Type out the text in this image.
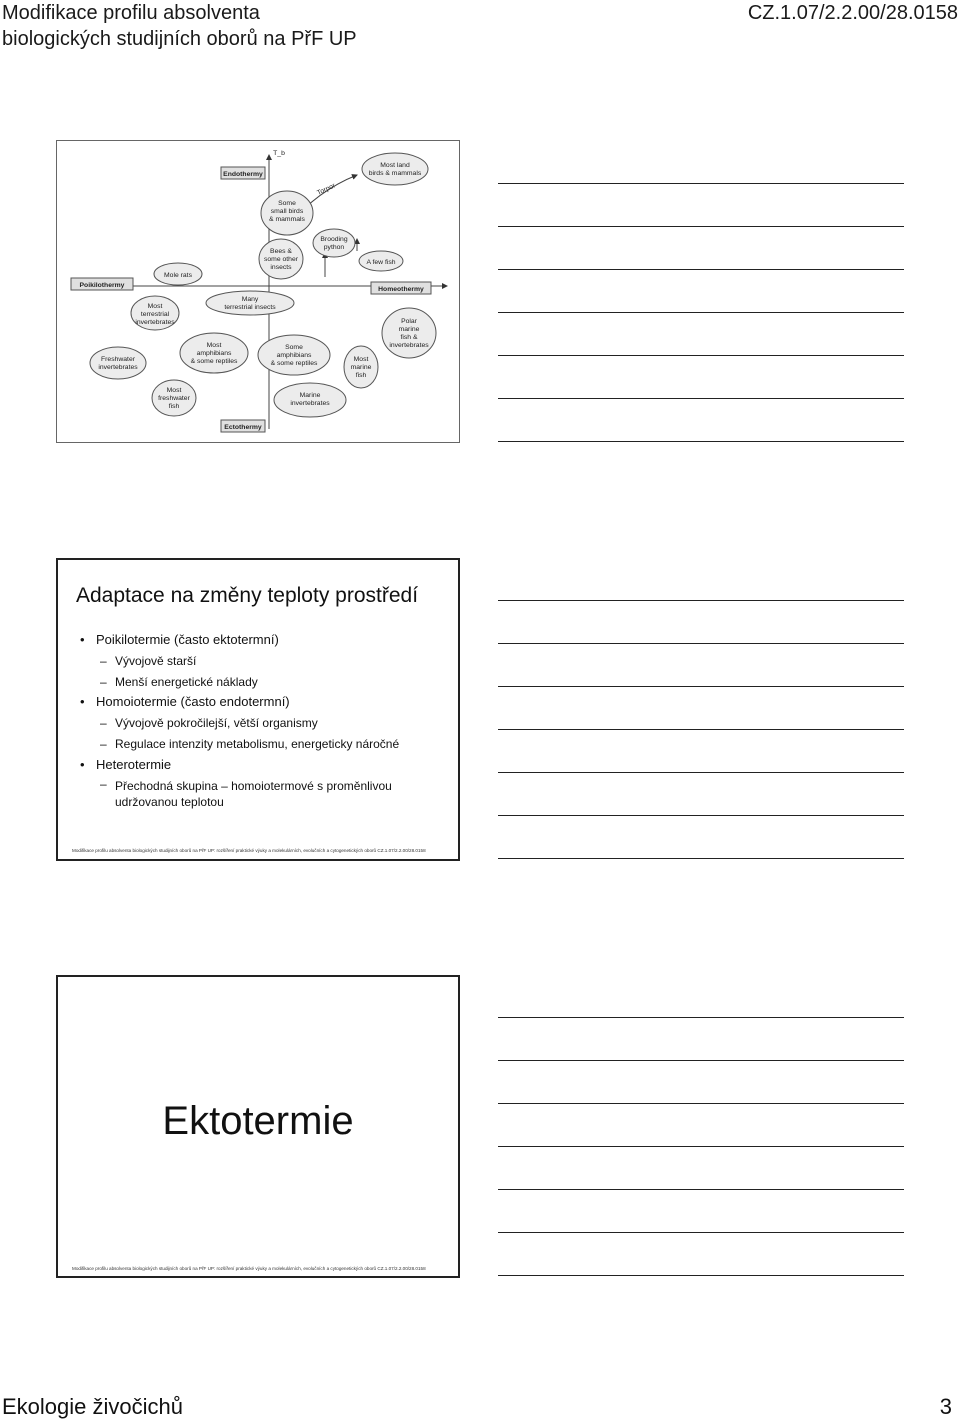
Modifikace profilu absolventa
biologických studijních oborů na PřF UP
CZ.1.07/2.2.00/28.0158
T_b
Endothermy
Ectothermy
Poikilothermy
Homeothermy
Torpor
Most land
birds & mammals
Some
small birds
& mammals
Bees &
some other
insects
Brooding
python
A few fish
Mole rats
Most
terrestrial
invertebrates
Many
terrestrial insects
Polar
marine
fish &
invertebrates
Freshwater
invertebrates
Most
amphibians
& some reptiles
Some
amphibians
& some reptiles
Most
marine
fish
Most
freshwater
fish
Marine
invertebrates
Adaptace na změny teploty prostředí
• Poikilotermie (často ektotermní)
– Vývojově starší
– Menší energetické náklady
• Homoiotermie (často endotermní)
– Vývojově pokročilejší, větší organismy
– Regulace intenzity metabolismu, energeticky náročné
• Heterotermie
– Přechodná skupina – homoiotermové s proměnlivou udržovanou teplotou
Modifikace profilu absolventa biologických studijních oborů na PřF UP: rozšíření praktické výuky a molekulárních, evolučních a cytogenetických oborů CZ.1.07/2.2.00/28.0158
Ektotermie
Modifikace profilu absolventa biologických studijních oborů na PřF UP: rozšíření praktické výuky a molekulárních, evolučních a cytogenetických oborů CZ.1.07/2.2.00/28.0158
Ekologie živočichů	3
